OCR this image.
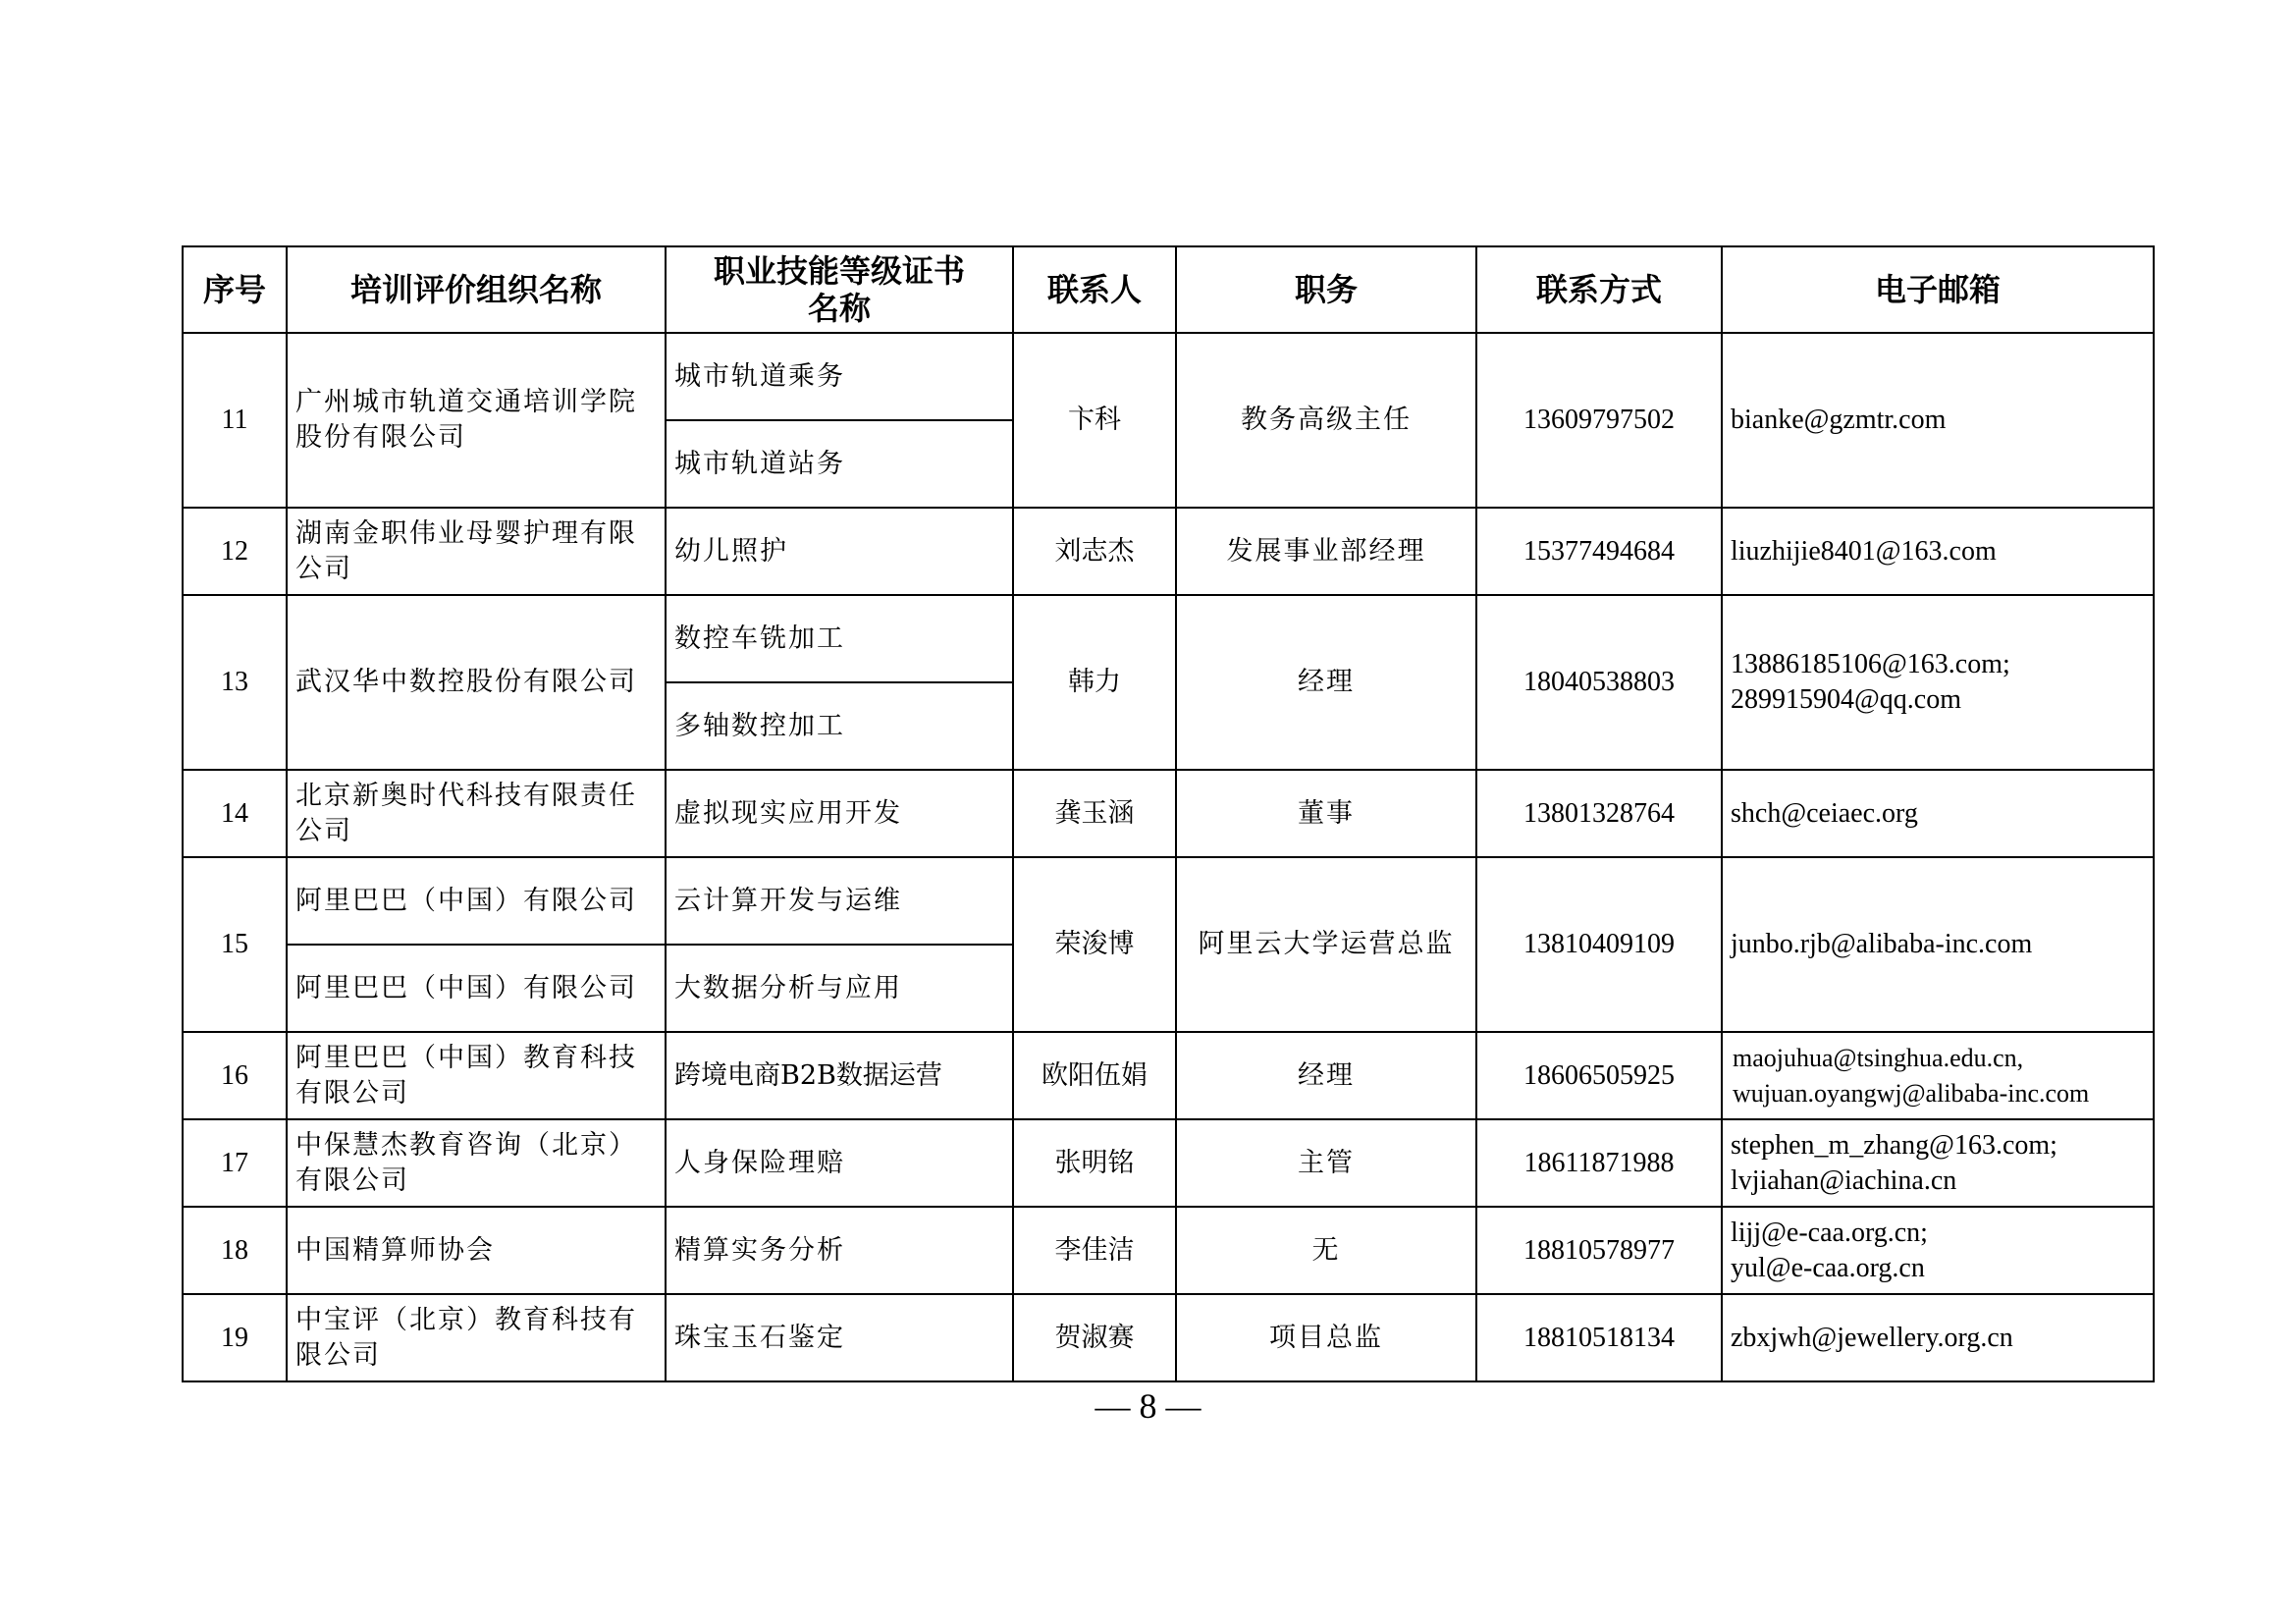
序号	培训评价组织名称	职业技能等级证书名称	联系人	职务	联系方式	电子邮箱
11	广州城市轨道交通培训学院股份有限公司	城市轨道乘务	卞科	教务高级主任	13609797502	bianke@gzmtr.com
		城市轨道站务				
12	湖南金职伟业母婴护理有限公司	幼儿照护	刘志杰	发展事业部经理	15377494684	liuzhijie8401@163.com
13	武汉华中数控股份有限公司	数控车铣加工	韩力	经理	18040538803	13886185106@163.com;
289915904@qq.com
		多轴数控加工				
14	北京新奥时代科技有限责任公司	虚拟现实应用开发	龚玉涵	董事	13801328764	shch@ceiaec.org
15	阿里巴巴（中国）有限公司	云计算开发与运维	荣浚博	阿里云大学运营总监	13810409109	junbo.rjb@alibaba-inc.com
	阿里巴巴（中国）有限公司	大数据分析与应用				
16	阿里巴巴（中国）教育科技有限公司	跨境电商B2B数据运营	欧阳伍娟	经理	18606505925	maojuhua@tsinghua.edu.cn,
wujuan.oyangwj@alibaba-inc.com
17	中保慧杰教育咨询（北京）有限公司	人身保险理赔	张明铭	主管	18611871988	stephen_m_zhang@163.com;
lvjiahan@iachina.cn
18	中国精算师协会	精算实务分析	李佳洁	无	18810578977	lijj@e-caa.org.cn;
yul@e-caa.org.cn
19	中宝评（北京）教育科技有限公司	珠宝玉石鉴定	贺淑赛	项目总监	18810518134	zbxjwh@jewellery.org.cn
— 8 —
